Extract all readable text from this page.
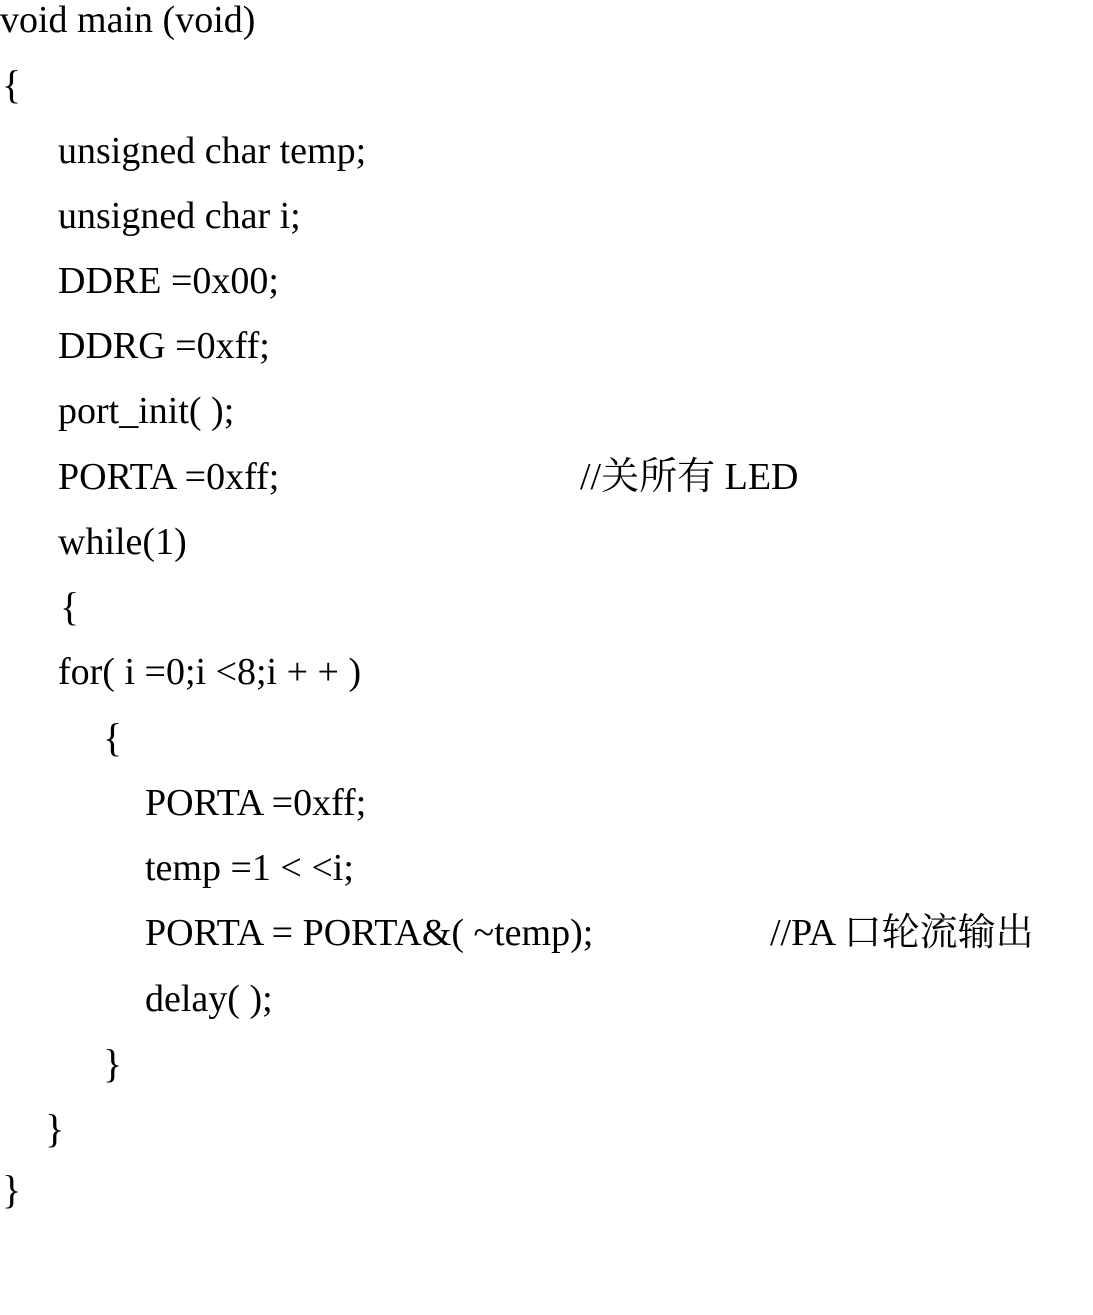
void main (void)

{

unsigned char temp;

unsigned char i;

DDRE =0x00;

DDRG =0xff;

port_init( );

PORTA =0xff;

	//关所有 LED

while(1)

{

for( i =0;i <8;i + + )

{

PORTA =0xff;

temp =1 < <i;

PORTA = PORTA&( ~temp);

	//PA 口轮流输出

delay( );

}

}

}
